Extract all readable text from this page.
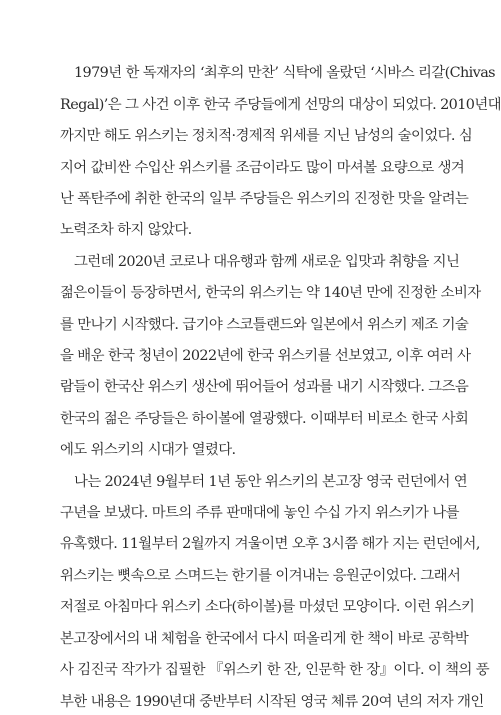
1979년 한 독재자의 ‘최후의 만찬’ 식탁에 올랐던 ‘시바스 리갈(Chivas
Regal)’은 그 사건 이후 한국 주당들에게 선망의 대상이 되었다. 2010년대
까지만 해도 위스키는 정치적·경제적 위세를 지닌 남성의 술이었다. 심
지어 값비싼 수입산 위스키를 조금이라도 많이 마셔볼 요량으로 생겨
난 폭탄주에 취한 한국의 일부 주당들은 위스키의 진정한 맛을 알려는
노력조차 하지 않았다.
그런데 2020년 코로나 대유행과 함께 새로운 입맛과 취향을 지닌
젊은이들이 등장하면서, 한국의 위스키는 약 140년 만에 진정한 소비자
를 만나기 시작했다. 급기야 스코틀랜드와 일본에서 위스키 제조 기술
을 배운 한국 청년이 2022년에 한국 위스키를 선보였고, 이후 여러 사
람들이 한국산 위스키 생산에 뛰어들어 성과를 내기 시작했다. 그즈음
한국의 젊은 주당들은 하이볼에 열광했다. 이때부터 비로소 한국 사회
에도 위스키의 시대가 열렸다.
나는 2024년 9월부터 1년 동안 위스키의 본고장 영국 런던에서 연
구년을 보냈다. 마트의 주류 판매대에 놓인 수십 가지 위스키가 나를
유혹했다. 11월부터 2월까지 겨울이면 오후 3시쯤 해가 지는 런던에서,
위스키는 뼛속으로 스며드는 한기를 이겨내는 응원군이었다. 그래서
저절로 아침마다 위스키 소다(하이볼)를 마셨던 모양이다. 이런 위스키
본고장에서의 내 체험을 한국에서 다시 떠올리게 한 책이 바로 공학박
사 김진국 작가가 집필한 『위스키 한 잔, 인문학 한 장』이다. 이 책의 풍
부한 내용은 1990년대 중반부터 시작된 영국 체류 20여 년의 저자 개인
